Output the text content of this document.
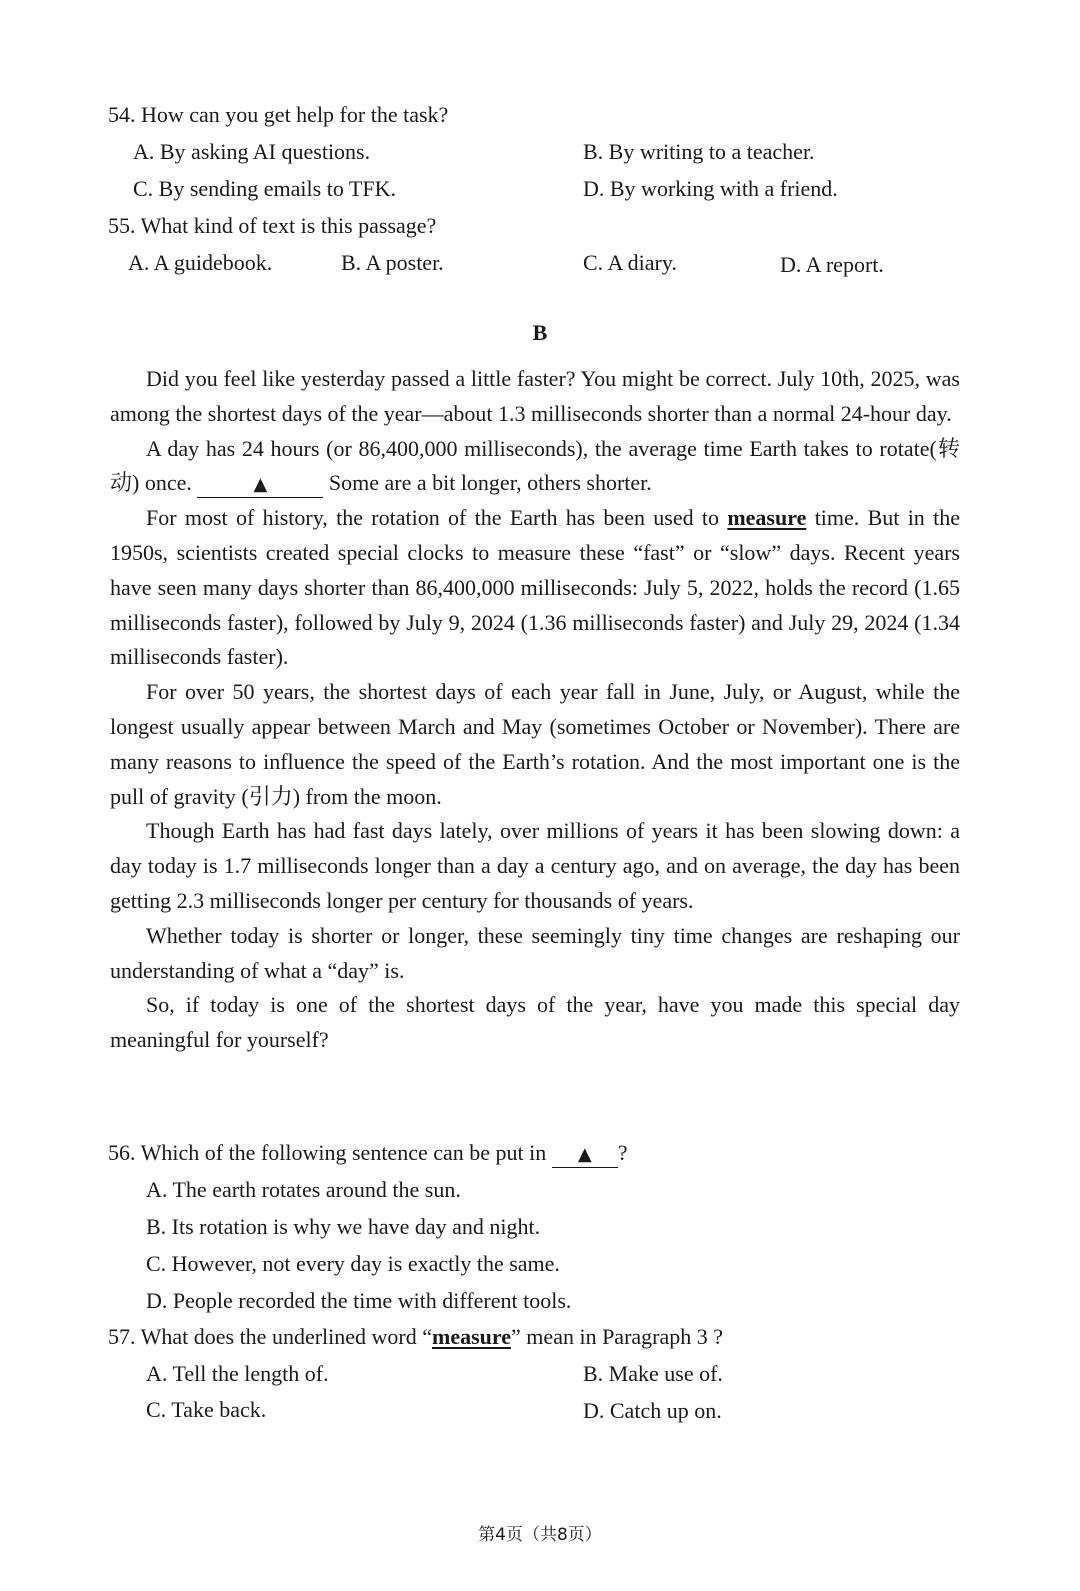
54. How can you get help for the task?
A. By asking AI questions.	B. By writing to a teacher.
C. By sending emails to TFK.	D. By working with a friend.
55. What kind of text is this passage?
A. A guidebook.	B. A poster.	C. A diary.	D. A report.
B

Did you feel like yesterday passed a little faster? You might be correct. July 10th, 2025, was among the shortest days of the year—about 1.3 milliseconds shorter than a normal 24-hour day.

A day has 24 hours (or 86,400,000 milliseconds), the average time Earth takes to rotate(转动) once.	▲	Some are a bit longer, others shorter.

For most of history, the rotation of the Earth has been used to measure time. But in the 1950s, scientists created special clocks to measure these “fast” or “slow” days. Recent years have seen many days shorter than 86,400,000 milliseconds: July 5, 2022, holds the record (1.65 milliseconds faster), followed by July 9, 2024 (1.36 milliseconds faster) and July 29, 2024 (1.34 milliseconds faster).

For over 50 years, the shortest days of each year fall in June, July, or August, while the longest usually appear between March and May (sometimes October or November). There are many reasons to influence the speed of the Earth’s rotation. And the most important one is the pull of gravity (引力) from the moon.

Though Earth has had fast days lately, over millions of years it has been slowing down: a day today is 1.7 milliseconds longer than a day a century ago, and on average, the day has been getting 2.3 milliseconds longer per century for thousands of years.

Whether today is shorter or longer, these seemingly tiny time changes are reshaping our understanding of what a “day” is.

So, if today is one of the shortest days of the year, have you made this special day meaningful for yourself?

56. Which of the following sentence can be put in ▲ ?
A. The earth rotates around the sun.
B. Its rotation is why we have day and night.
C. However, not every day is exactly the same.
D. People recorded the time with different tools.
57. What does the underlined word “measure” mean in Paragraph 3 ?
A. Tell the length of.	B. Make use of.
C. Take back.	D. Catch up on.
第4页（共8页）
